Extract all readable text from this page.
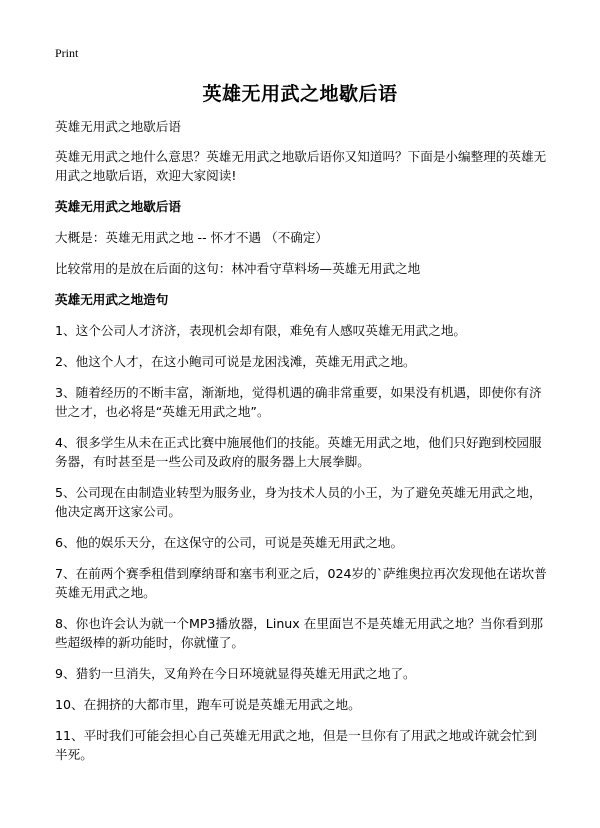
Print
英雄无用武之地歇后语

英雄无用武之地歇后语

英雄无用武之地什么意思？英雄无用武之地歇后语你又知道吗？下面是小编整理的英雄无用武之地歇后语，欢迎大家阅读!

英雄无用武之地歇后语

大概是：英雄无用武之地 -- 怀才不遇 （不确定）

比较常用的是放在后面的这句：林冲看守草料场—英雄无用武之地

英雄无用武之地造句

1、这个公司人才济济，表现机会却有限，难免有人感叹英雄无用武之地。

2、他这个人才，在这小鲍司可说是龙困浅滩，英雄无用武之地。

3、随着经历的不断丰富，渐渐地，觉得机遇的确非常重要，如果没有机遇，即使你有济世之才，也必将是“英雄无用武之地”。

4、很多学生从未在正式比赛中施展他们的技能。英雄无用武之地，他们只好跑到校园服务器，有时甚至是一些公司及政府的服务器上大展拳脚。

5、公司现在由制造业转型为服务业，身为技术人员的小王，为了避免英雄无用武之地，他决定离开这家公司。

6、他的娱乐天分，在这保守的公司，可说是英雄无用武之地。

7、在前两个赛季租借到摩纳哥和塞韦利亚之后，024岁的`萨维奥拉再次发现他在诺坎普英雄无用武之地。

8、你也许会认为就一个MP3播放器，Linux 在里面岂不是英雄无用武之地？当你看到那些超级棒的新功能时，你就懂了。

9、猎豹一旦消失，叉角羚在今日环境就显得英雄无用武之地了。

10、在拥挤的大都市里，跑车可说是英雄无用武之地。

11、平时我们可能会担心自己英雄无用武之地，但是一旦你有了用武之地或许就会忙到半死。
